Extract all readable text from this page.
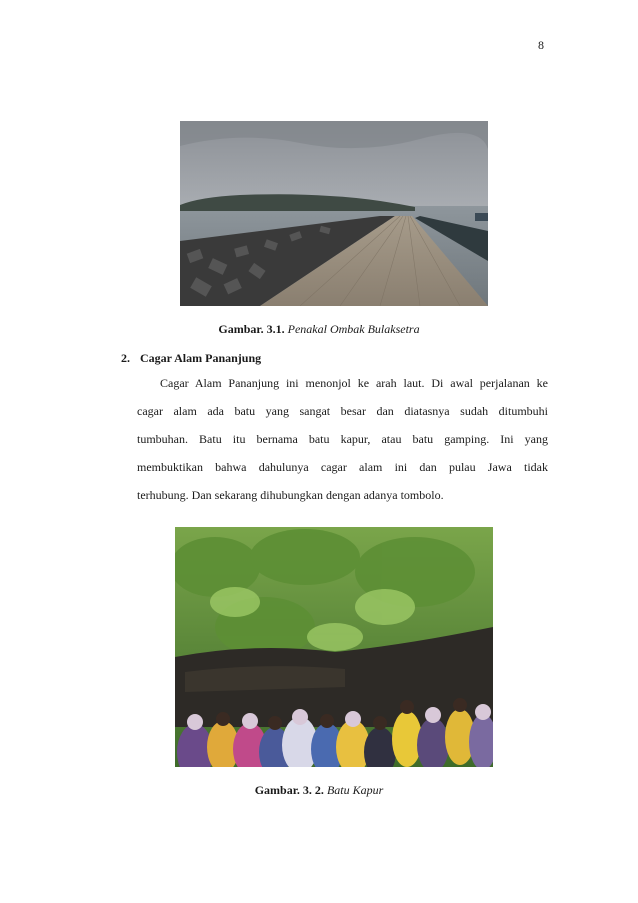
8
Gambar. 3.1. Penakal Ombak Bulaksetra
2. Cagar Alam Pananjung
Cagar Alam Pananjung ini menonjol ke arah laut. Di awal perjalanan ke
cagar alam ada batu yang sangat besar dan diatasnya sudah ditumbuhi
tumbuhan. Batu itu bernama batu kapur, atau batu gamping. Ini yang
membuktikan bahwa dahulunya cagar alam ini dan pulau Jawa tidak
terhubung. Dan sekarang dihubungkan dengan adanya tombolo.
Gambar. 3. 2. Batu Kapur
